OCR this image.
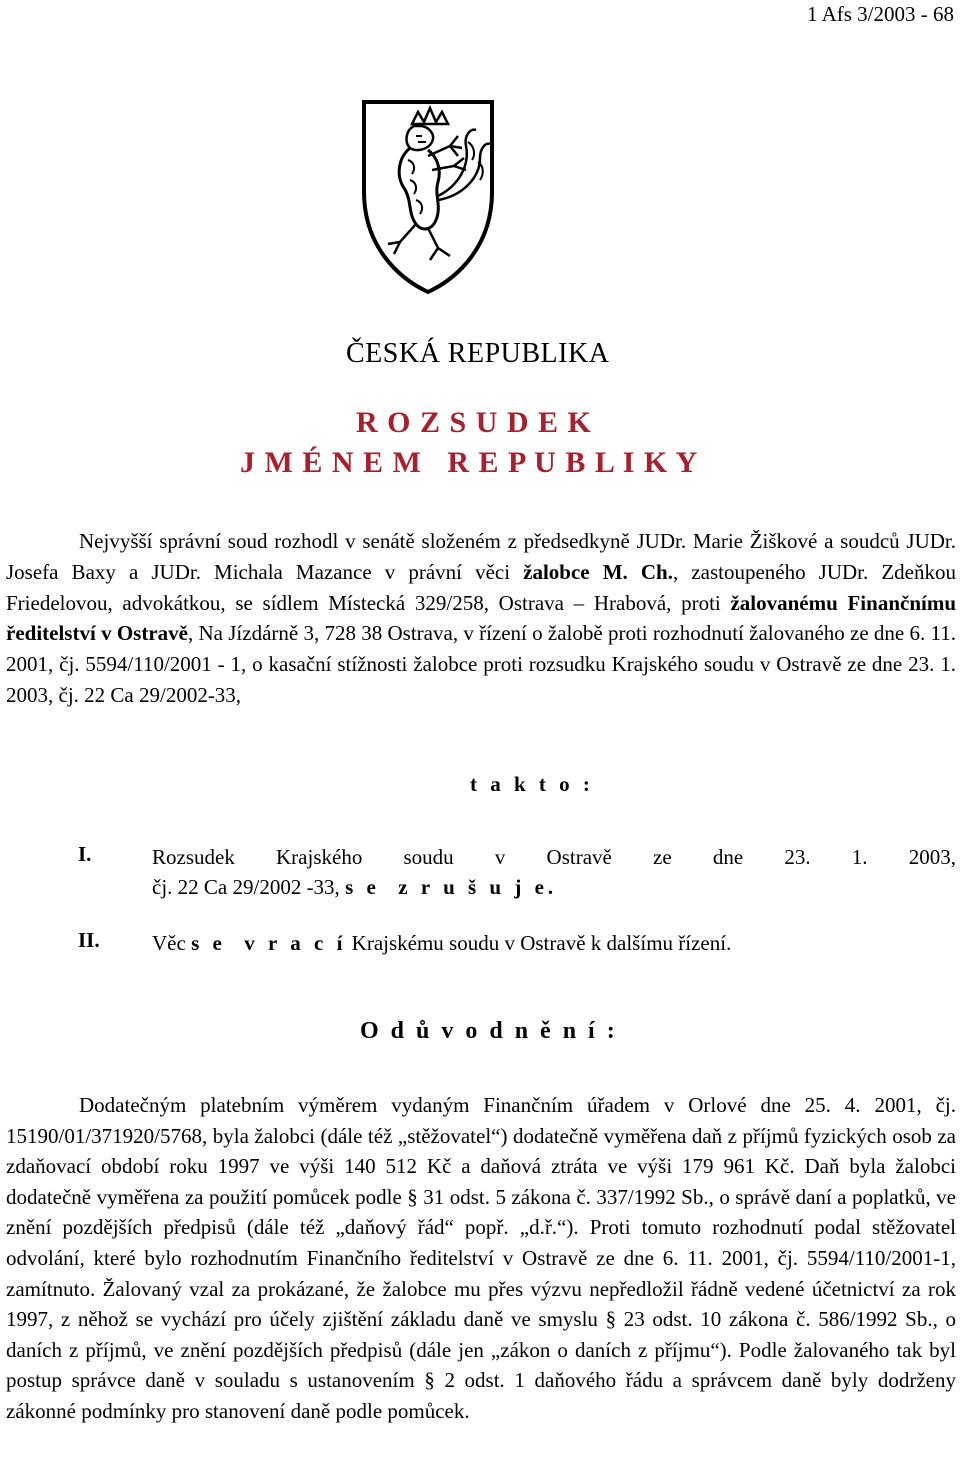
1 Afs 3/2003 - 68
ČESKÁ REPUBLIKA
R O Z S U D E K
J M É N E M   R E P U B L I K Y

Nejvyšší správní soud rozhodl v senátě složeném z předsedkyně JUDr. Marie Žiškové a soudců JUDr. Josefa Baxy a JUDr. Michala Mazance v právní věci žalobce M. Ch., zastoupeného JUDr. Zdeňkou Friedelovou, advokátkou, se sídlem Místecká 329/258, Ostrava – Hrabová, proti žalovanému Finančnímu ředitelství v Ostravě, Na Jízdárně 3, 728 38 Ostrava, v řízení o žalobě proti rozhodnutí žalovaného ze dne 6. 11. 2001, čj. 5594/110/2001 - 1, o kasační stížnosti žalobce proti rozsudku Krajského soudu v Ostravě ze dne 23. 1. 2003, čj. 22 Ca 29/2002-33,

t a k t o :
I.	Rozsudek Krajského soudu v Ostravě ze dne 23. 1. 2003,
čj. 22 Ca 29/2002 -33, s e  z r u š u j e.
II. Věc s e  v r a c í Krajskému soudu v Ostravě k dalšímu řízení.
O d ů v o d n ě n í :

Dodatečným platebním výměrem vydaným Finančním úřadem v Orlové dne 25. 4. 2001, čj. 15190/01/371920/5768, byla žalobci (dále též „stěžovatel“) dodatečně vyměřena daň z příjmů fyzických osob za zdaňovací období roku 1997 ve výši 140 512 Kč a daňová ztráta ve výši 179 961 Kč. Daň byla žalobci dodatečně vyměřena za použití pomůcek podle § 31 odst. 5 zákona č. 337/1992 Sb., o správě daní a poplatků, ve znění pozdějších předpisů (dále též „daňový řád“ popř. „d.ř.“). Proti tomuto rozhodnutí podal stěžovatel odvolání, které bylo rozhodnutím Finančního ředitelství v Ostravě ze dne 6. 11. 2001, čj. 5594/110/2001-1, zamítnuto. Žalovaný vzal za prokázané, že žalobce mu přes výzvu nepředložil řádně vedené účetnictví za rok 1997, z něhož se vychází pro účely zjištění základu daně ve smyslu § 23 odst. 10 zákona č. 586/1992 Sb., o daních z příjmů, ve znění pozdějších předpisů (dále jen „zákon o daních z příjmu“). Podle žalovaného tak byl postup správce daně v souladu s ustanovením § 2 odst. 1 daňového řádu a správcem daně byly dodrženy zákonné podmínky pro stanovení daně podle pomůcek.
